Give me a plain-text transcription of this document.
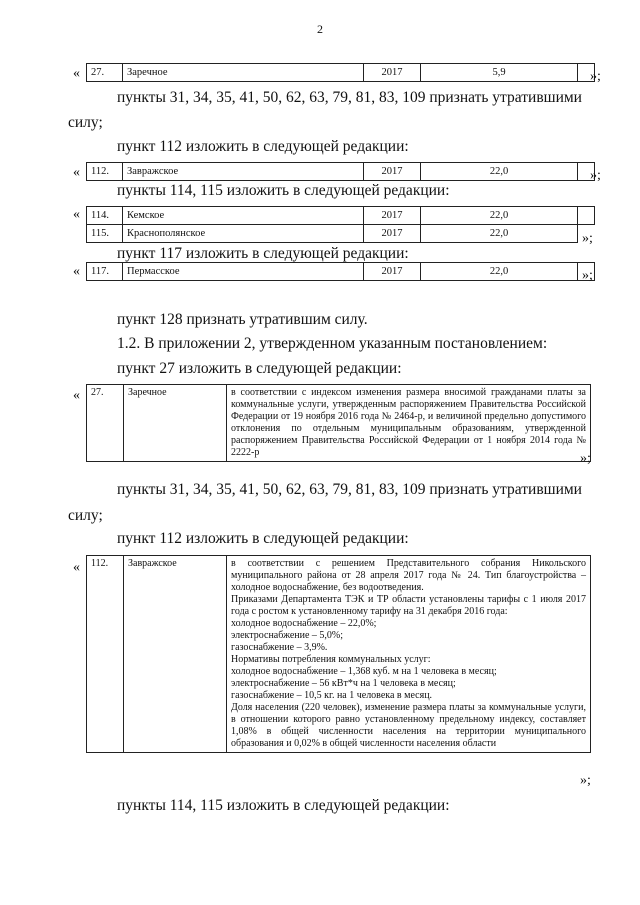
2
« 27.	Заречное	2017	5,9		»;
пункты 31, 34, 35, 41, 50, 62, 63, 79, 81, 83, 109 признать утратившими
силу;
пункт 112 изложить в следующей редакции:
« 112.	Завражское	2017	22,0		»;
пункты 114, 115 изложить в следующей редакции:
« 114.	Кемское	2017	22,0	
115.	Краснополянское	2017	22,0		»;
пункт 117 изложить в следующей редакции:
« 117.	Пермасское	2017	22,0		»;
пункт 128 признать утратившим силу.
1.2. В приложении 2, утвержденном указанным постановлением:
пункт 27 изложить в следующей редакции:
« 27.	Заречное	в соответствии с индексом изменения размера вносимой гражданами платы за коммунальные услуги, утвержденным распоряжением Правительства Российской Федерации от 19 ноября 2016 года № 2464-р, и величиной предельно допустимого отклонения по отдельным муниципальным образованиям, утвержденной распоряжением Правительства Российской Федерации от 1 ноября 2014 года № 2222-р	»;
пункты 31, 34, 35, 41, 50, 62, 63, 79, 81, 83, 109 признать утратившими
силу;
пункт 112 изложить в следующей редакции:
« 112.	Завражское	в соответствии с решением Представительного собрания Никольского муниципального района от 28 апреля 2017 года № 24. Тип благоустройства – холодное водоснабжение, без водоотведения.
Приказами Департамента ТЭК и ТР области установлены тарифы с 1 июля 2017 года с ростом к установленному тарифу на 31 декабря 2016 года:
холодное водоснабжение – 22,0%;
электроснабжение – 5,0%;
газоснабжение – 3,9%.
Нормативы потребления коммунальных услуг:
холодное водоснабжение – 1,368 куб. м на 1 человека в месяц;
электроснабжение – 56 кВт*ч на 1 человека в месяц;
газоснабжение – 10,5 кг. на 1 человека в месяц.
Доля населения (220 человек), изменение размера платы за коммунальные услуги, в отношении которого равно установленному предельному индексу, составляет 1,08% в общей численности населения на территории муниципального образования и 0,02% в общей численности населения области
»;
пункты 114, 115 изложить в следующей редакции:
